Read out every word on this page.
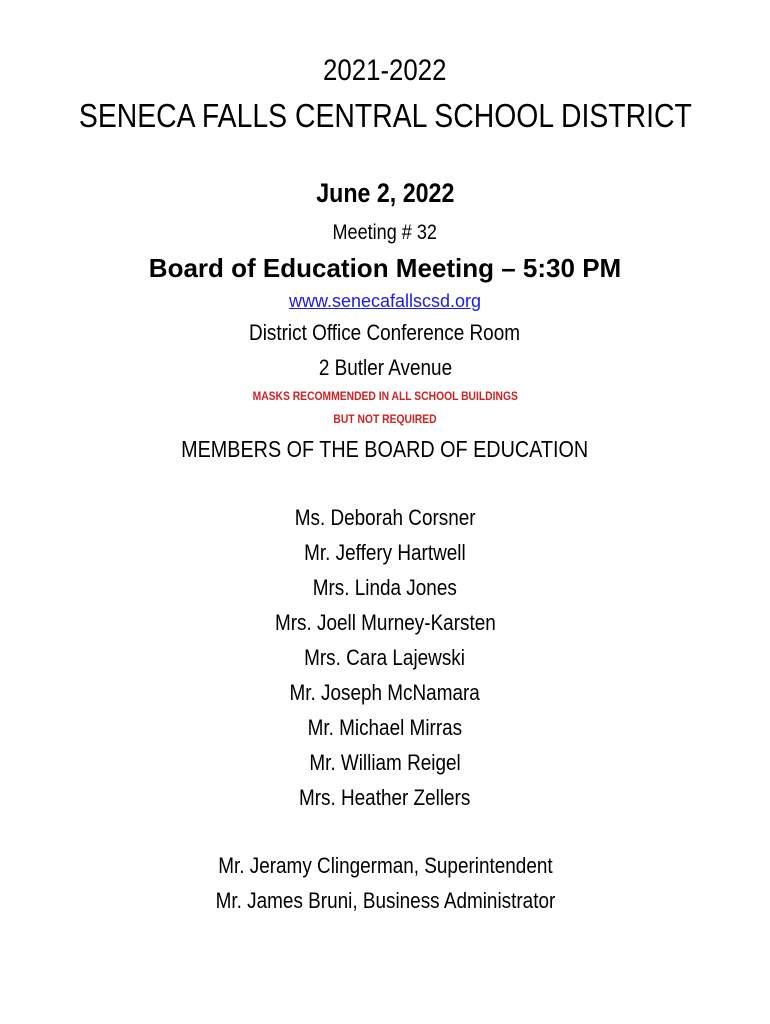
2021-2022
SENECA FALLS CENTRAL SCHOOL DISTRICT
June 2, 2022
Meeting # 32
Board of Education Meeting – 5:30 PM
www.senecafallscsd.org
District Office Conference Room
2 Butler Avenue
MASKS RECOMMENDED IN ALL SCHOOL BUILDINGS
BUT NOT REQUIRED
MEMBERS OF THE BOARD OF EDUCATION
Ms. Deborah Corsner
Mr. Jeffery Hartwell
Mrs. Linda Jones
Mrs. Joell Murney-Karsten
Mrs. Cara Lajewski
Mr. Joseph McNamara
Mr. Michael Mirras
Mr. William Reigel
Mrs. Heather Zellers
Mr. Jeramy Clingerman, Superintendent
Mr. James Bruni, Business Administrator
